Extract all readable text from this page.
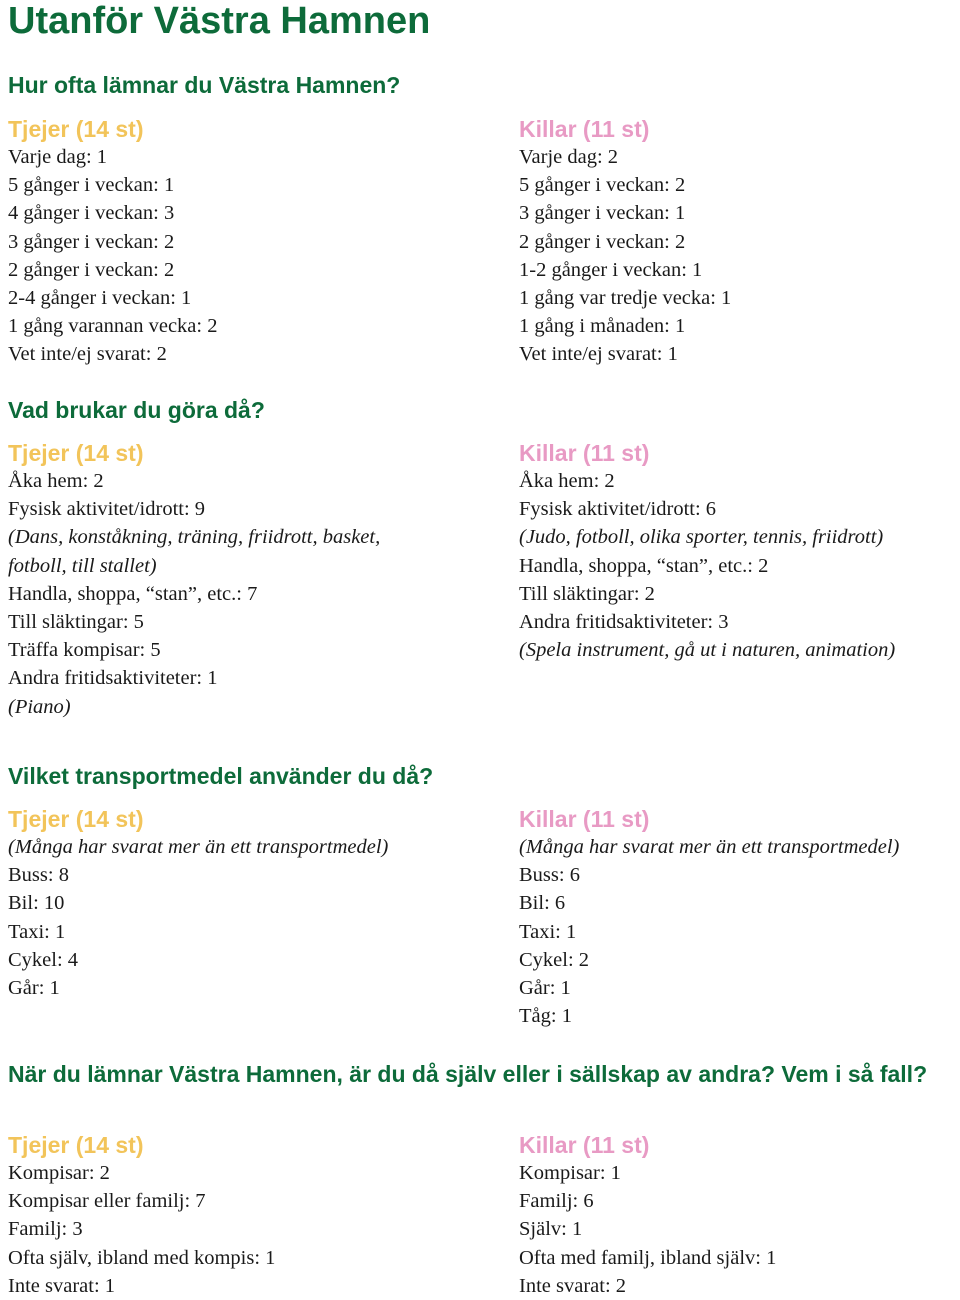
Utanför Västra Hamnen
Hur ofta lämnar du Västra Hamnen?
Tjejer (14 st)
Varje dag: 1
5 gånger i veckan: 1
4 gånger i veckan: 3
3 gånger i veckan: 2
2 gånger i veckan: 2
2-4 gånger i veckan: 1
1 gång varannan vecka: 2
Vet inte/ej svarat: 2
Killar (11 st)
Varje dag: 2
5 gånger i veckan: 2
3 gånger i veckan: 1
2 gånger i veckan: 2
1-2 gånger i veckan: 1
1 gång var tredje vecka: 1
1 gång i månaden: 1
Vet inte/ej svarat: 1
Vad brukar du göra då?
Tjejer (14 st)
Åka hem: 2
Fysisk aktivitet/idrott: 9
(Dans, konståkning, träning, friidrott, basket,
fotboll, till stallet)
Handla, shoppa, “stan”, etc.: 7
Till släktingar: 5
Träffa kompisar: 5
Andra fritidsaktiviteter: 1
(Piano)
Killar (11 st)
Åka hem: 2
Fysisk aktivitet/idrott: 6
(Judo, fotboll, olika sporter, tennis, friidrott)
Handla, shoppa, “stan”, etc.: 2
Till släktingar: 2
Andra fritidsaktiviteter: 3
(Spela instrument, gå ut i naturen, animation)
Vilket transportmedel använder du då?
Tjejer (14 st)
(Många har svarat mer än ett transportmedel)
Buss: 8
Bil: 10
Taxi: 1
Cykel: 4
Går: 1
Killar (11 st)
(Många har svarat mer än ett transportmedel)
Buss: 6
Bil: 6
Taxi: 1
Cykel: 2
Går: 1
Tåg: 1
När du lämnar Västra Hamnen, är du då själv eller i sällskap av andra? Vem i så fall?
Tjejer (14 st)
Kompisar: 2
Kompisar eller familj: 7
Familj: 3
Ofta själv, ibland med kompis: 1
Inte svarat: 1
Killar (11 st)
Kompisar: 1
Familj: 6
Själv: 1
Ofta med familj, ibland själv: 1
Inte svarat: 2
